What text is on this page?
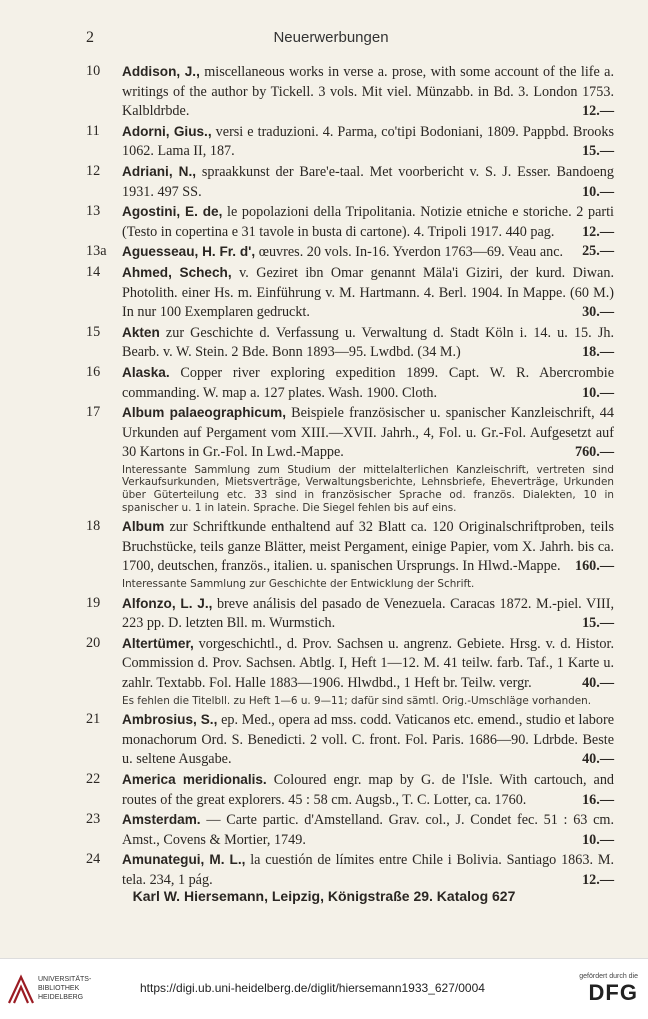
2	Neuerwerbungen
10	Addison, J., miscellaneous works in verse a. prose, with some account of the life a. writings of the author by Tickell. 3 vols. Mit viel. Münzabb. in Bd. 3. London 1753. Kalbldrbde.	12.—
11	Adorni, Gius., versi e traduzioni. 4. Parma, co'tipi Bodoniani, 1809. Pappbd. Brooks 1062. Lama II, 187.	15.—
12	Adriani, N., spraakkunst der Bare'e-taal. Met voorbericht v. S. J. Esser. Bandoeng 1931. 497 SS.	10.—
13	Agostini, E. de, le popolazioni della Tripolitania. Notizie etniche e storiche. 2 parti (Testo in copertina e 31 tavole in busta di cartone). 4. Tripoli 1917. 440 pag.	12.—
13a	Aguesseau, H. Fr. d', œuvres. 20 vols. In-16. Yverdon 1763—69. Veau anc.	25.—
14	Ahmed, Schech, v. Geziret ibn Omar genannt Mäla'i Giziri, der kurd. Diwan. Photolith. einer Hs. m. Einführung v. M. Hartmann. 4. Berl. 1904. In Mappe. (60 M.) In nur 100 Exemplaren gedruckt.	30.—
15	Akten zur Geschichte d. Verfassung u. Verwaltung d. Stadt Köln i. 14. u. 15. Jh. Bearb. v. W. Stein. 2 Bde. Bonn 1893—95. Lwdbd. (34 M.)	18.—
16	Alaska. Copper river exploring expedition 1899. Capt. W. R. Abercrombie commanding. W. map a. 127 plates. Wash. 1900. Cloth.	10.—
17	Album palaeographicum, Beispiele französischer u. spanischer Kanzleischrift, 44 Urkunden auf Pergament vom XIII.—XVII. Jahrh., 4, Fol. u. Gr.-Fol. Aufgesetzt auf 30 Kartons in Gr.-Fol. In Lwd.-Mappe.	760.—
Interessante Sammlung zum Studium der mittelalterlichen Kanzleischrift, vertreten sind Verkaufsurkunden, Mietsverträge, Verwaltungsberichte, Lehnsbriefe, Eheverträge, Urkunden über Güterteilung etc. 33 sind in französischer Sprache od. französ. Dialekten, 10 in spanischer u. 1 in latein. Sprache. Die Siegel fehlen bis auf eins.
18	Album zur Schriftkunde enthaltend auf 32 Blatt ca. 120 Originalschriftproben, teils Bruchstücke, teils ganze Blätter, meist Pergament, einige Papier, vom X. Jahrh. bis ca. 1700, deutschen, französ., italien. u. spanischen Ursprungs. In Hlwd.-Mappe.	160.—
Interessante Sammlung zur Geschichte der Entwicklung der Schrift.
19	Alfonzo, L. J., breve análisis del pasado de Venezuela. Caracas 1872. M.-piel. VIII, 223 pp. D. letzten Bll. m. Wurmstich.	15.—
20	Altertümer, vorgeschichtl., d. Prov. Sachsen u. angrenz. Gebiete. Hrsg. v. d. Histor. Commission d. Prov. Sachsen. Abtlg. I, Heft 1—12. M. 41 teilw. farb. Taf., 1 Karte u. zahlr. Textabb. Fol. Halle 1883—1906. Hlwdbd., 1 Heft br. Teilw. vergr.	40.—
Es fehlen die Titelbll. zu Heft 1—6 u. 9—11; dafür sind sämtl. Orig.-Umschläge vorhanden.
21	Ambrosius, S., ep. Med., opera ad mss. codd. Vaticanos etc. emend., studio et labore monachorum Ord. S. Benedicti. 2 voll. C. front. Fol. Paris. 1686—90. Ldrbde. Beste u. seltene Ausgabe.	40.—
22	America meridionalis. Coloured engr. map by G. de l'Isle. With cartouch, and routes of the great explorers. 45 : 58 cm. Augsb., T. C. Lotter, ca. 1760.	16.—
23	Amsterdam. — Carte partic. d'Amstelland. Grav. col., J. Condet fec. 51 : 63 cm. Amst., Covens & Mortier, 1749.	10.—
24	Amunategui, M. L., la cuestión de límites entre Chile i Bolivia. Santiago 1863. M. tela. 234, 1 pág.	12.—
Karl W. Hiersemann, Leipzig, Königstraße 29. Katalog 627
UNIVERSITÄTS-
BIBLIOTHEK
HEIDELBERG
https://digi.ub.uni-heidelberg.de/diglit/hiersemann1933_627/0004
gefördert durch die
DFG
